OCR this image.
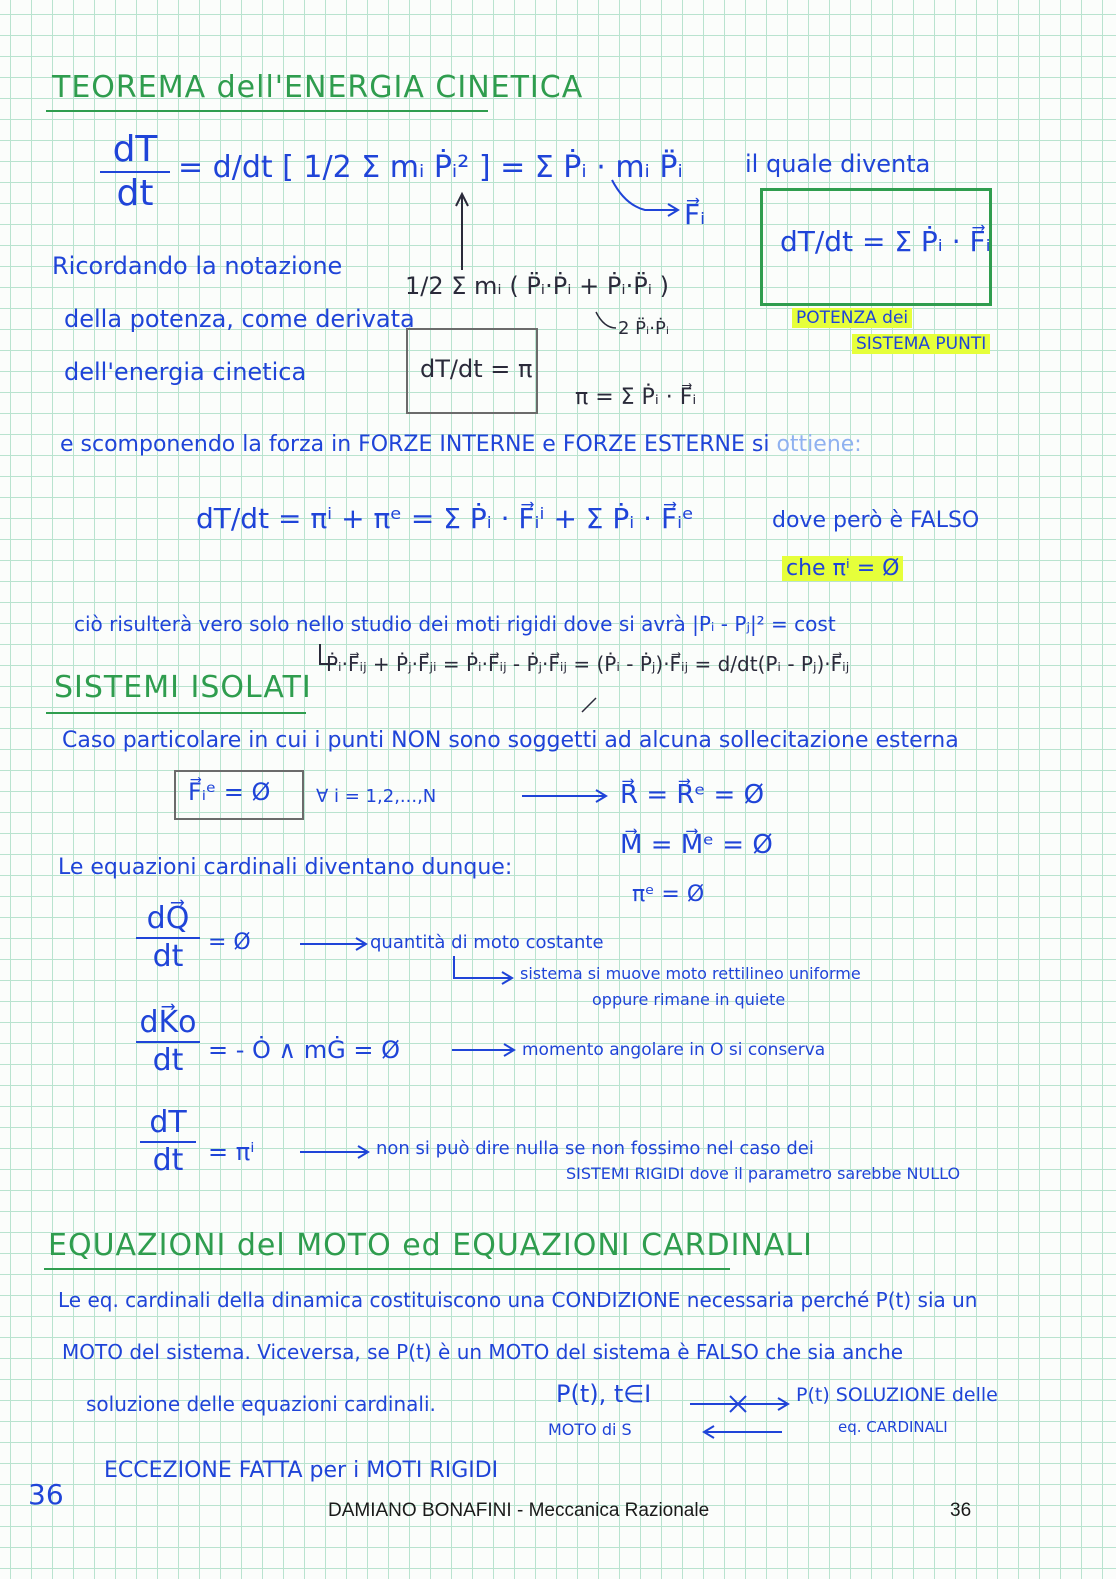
TEOREMA dell'ENERGIA CINETICA
dT
dt
= d/dt [ 1/2 Σ mᵢ Ṗᵢ² ] = Σ Ṗᵢ · mᵢ P̈ᵢ
F⃗ᵢ
il quale diventa
dT/dt = Σ Ṗᵢ · F⃗ᵢ
POTENZA dei
SISTEMA PUNTI
Ricordando la notazione
della potenza, come derivata
dell'energia cinetica
1/2 Σ mᵢ ( P̈ᵢ·Ṗᵢ + Ṗᵢ·P̈ᵢ )
2 P̈ᵢ·Ṗᵢ
dT/dt = π
π = Σ Ṗᵢ · F⃗ᵢ
e scomponendo la forza in FORZE INTERNE e FORZE ESTERNE si ottiene:
dT/dt = πⁱ + πᵉ = Σ Ṗᵢ · F⃗ᵢⁱ + Σ Ṗᵢ · F⃗ᵢᵉ	dove però è FALSO
che πⁱ = Ø
ciò risulterà vero solo nello studio dei moti rigidi dove si avrà |Pᵢ - Pⱼ|² = cost
Ṗᵢ·F⃗ᵢⱼ + Ṗⱼ·F⃗ⱼᵢ = Ṗᵢ·F⃗ᵢⱼ - Ṗⱼ·F⃗ᵢⱼ = (Ṗᵢ - Ṗⱼ)·F⃗ᵢⱼ = d/dt(Pᵢ - Pⱼ)·F⃗ᵢⱼ
SISTEMI ISOLATI
Caso particolare in cui i punti NON sono soggetti ad alcuna sollecitazione esterna
F⃗ᵢᵉ = Ø	∀ i = 1,2,...,N	R⃗ = R⃗ᵉ = Ø
M⃗ = M⃗ᵉ = Ø
πᵉ = Ø
Le equazioni cardinali diventano dunque:
dQ⃗
dt = Ø	quantità di moto costante
sistema si muove moto rettilineo uniforme
oppure rimane in quiete
dK⃗o
dt = - Ȯ ∧ mĠ = Ø	momento angolare in O si conserva
dT
dt = πⁱ	non si può dire nulla se non fossimo nel caso dei
SISTEMI RIGIDI dove il parametro sarebbe NULLO
EQUAZIONI del MOTO ed EQUAZIONI CARDINALI
Le eq. cardinali della dinamica costituiscono una CONDIZIONE necessaria perché P(t) sia un
MOTO del sistema. Viceversa, se P(t) è un MOTO del sistema è FALSO che sia anche
soluzione delle equazioni cardinali.	P(t), t∈I
MOTO di S
P(t) SOLUZIONE delle
eq. CARDINALI
ECCEZIONE FATTA per i MOTI RIGIDI
36	DAMIANO BONAFINI - Meccanica Razionale	36
